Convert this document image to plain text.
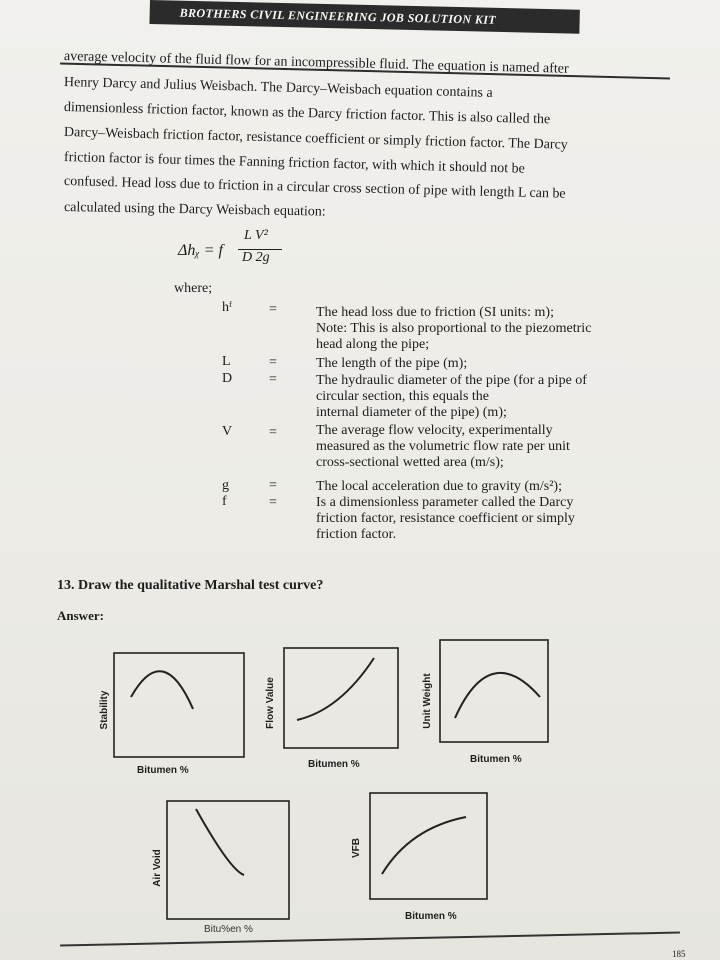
BROTHERS CIVIL ENGINEERING JOB SOLUTION KIT
average velocity of the fluid flow for an incompressible fluid. The equation is named after
Henry Darcy and Julius Weisbach. The Darcy–Weisbach equation contains a
dimensionless friction factor, known as the Darcy friction factor. This is also called the
Darcy–Weisbach friction factor, resistance coefficient or simply friction factor. The Darcy
friction factor is four times the Fanning friction factor, with which it should not be
confused. Head loss due to friction in a circular cross section of pipe with length L can be
calculated using the Darcy Weisbach equation:
Δhᵪ = f
L V²
D 2g
where;
hᶠ	=	The head loss due to friction (SI units: m);
Note: This is also proportional to the piezometric
head along the pipe;
L	=	The length of the pipe (m);
D	=	The hydraulic diameter of the pipe (for a pipe of
circular section, this equals the
internal diameter of the pipe) (m);
V	=	The average flow velocity, experimentally
measured as the volumetric flow rate per unit
cross-sectional wetted area (m/s);
g	=	The local acceleration due to gravity (m/s²);
f	=	Is a dimensionless parameter called the Darcy
friction factor, resistance coefficient or simply
friction factor.
13. Draw the qualitative Marshal test curve?
Answer:
Stability
Bitumen %
Flow Value
Bitumen %
Unit Weight
Bitumen %
Air Void
Bitu%en %
VFB
Bitumen %
185
